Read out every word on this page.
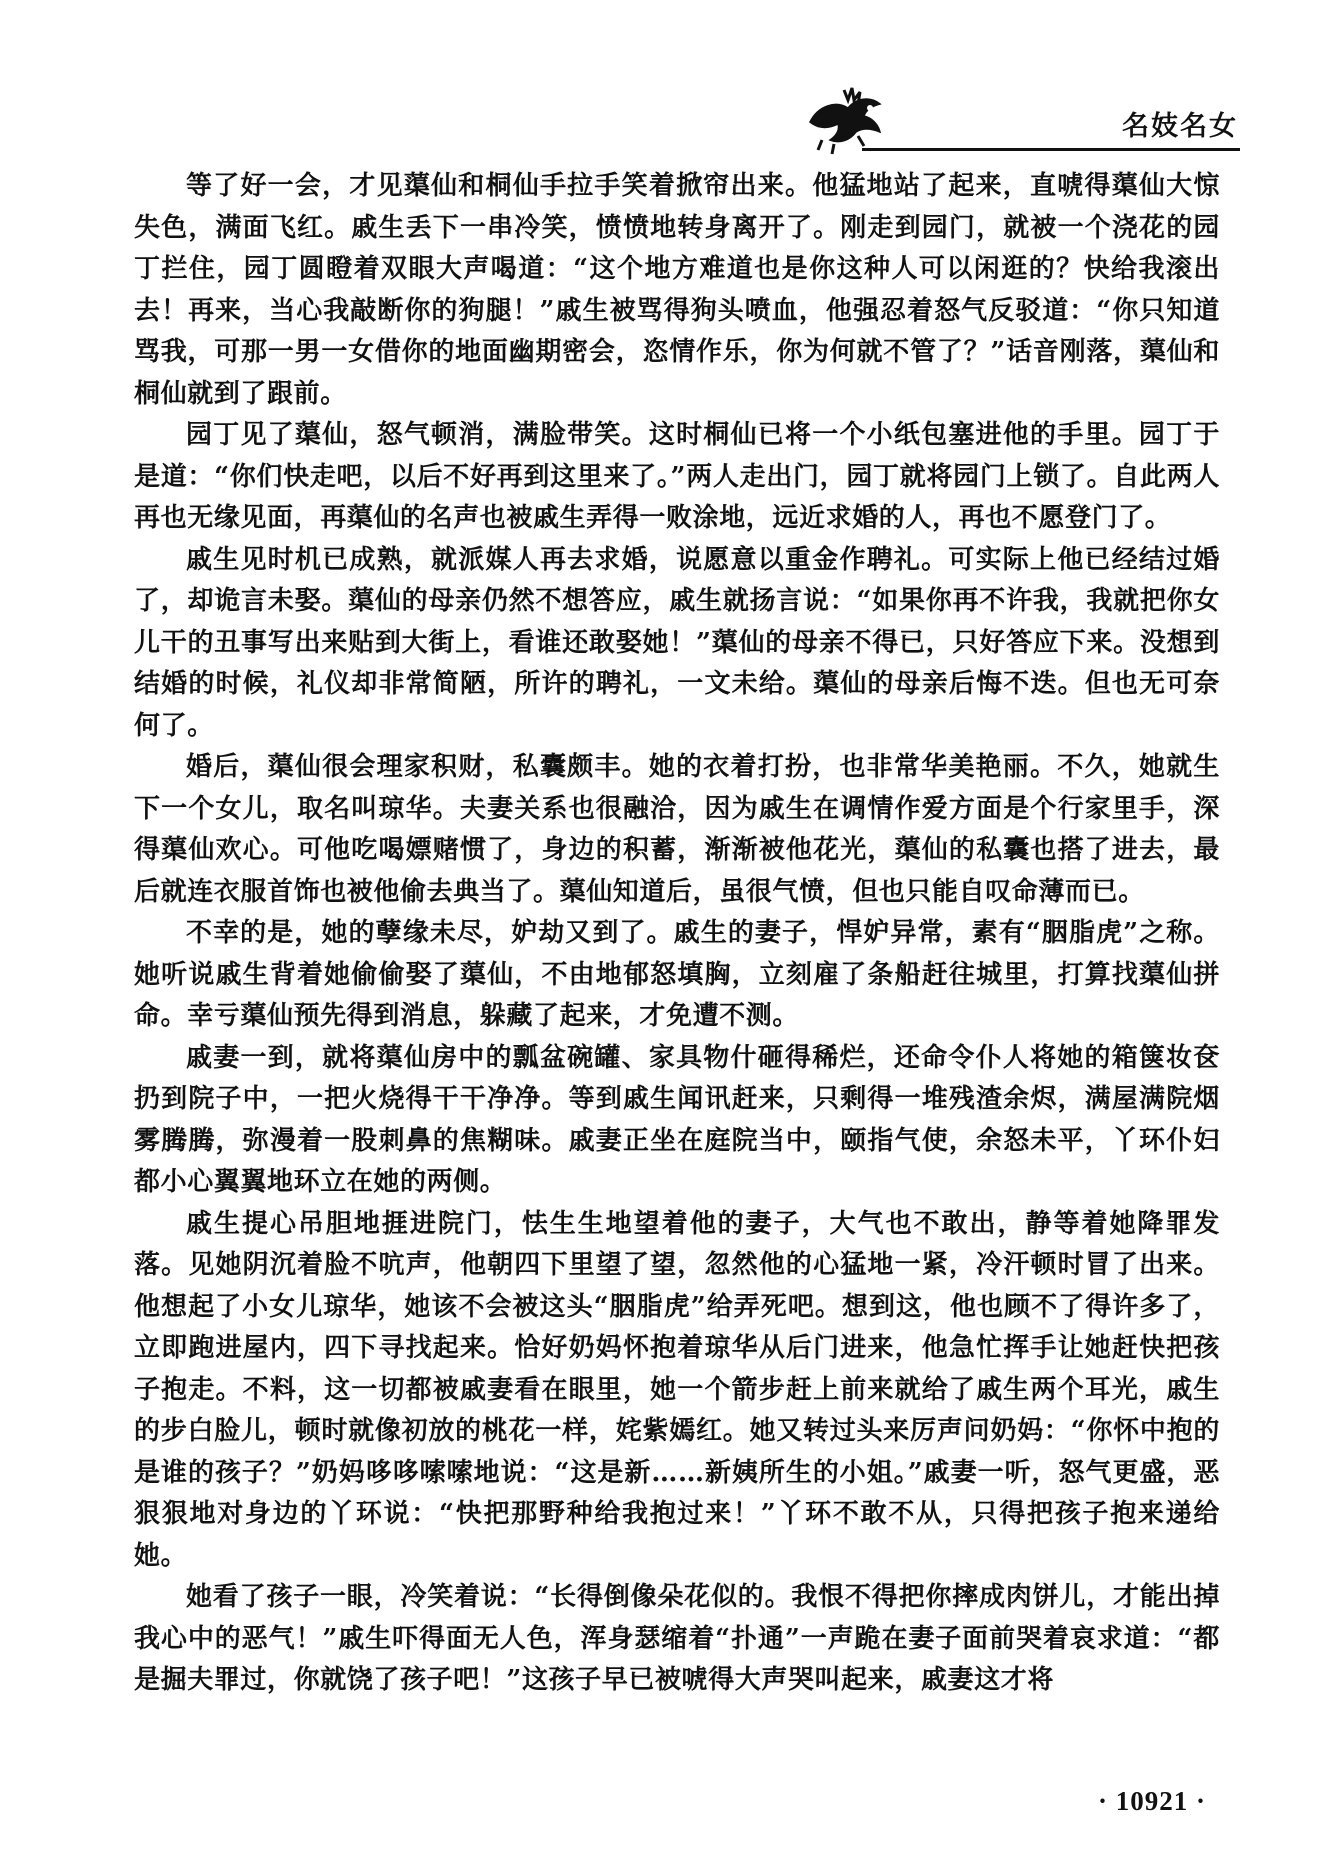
名妓名女

等了好一会，才见蕖仙和桐仙手拉手笑着掀帘出来。他猛地站了起来，直唬得蕖仙大惊失色，满面飞红。戚生丢下一串冷笑，愤愤地转身离开了。刚走到园门，就被一个浇花的园丁拦住，园丁圆瞪着双眼大声喝道：“这个地方难道也是你这种人可以闲逛的？快给我滚出去！再来，当心我敲断你的狗腿！”戚生被骂得狗头喷血，他强忍着怒气反驳道：“你只知道骂我，可那一男一女借你的地面幽期密会，恣情作乐，你为何就不管了？”话音刚落，蕖仙和桐仙就到了跟前。

园丁见了蕖仙，怒气顿消，满脸带笑。这时桐仙已将一个小纸包塞进他的手里。园丁于是道：“你们快走吧，以后不好再到这里来了。”两人走出门，园丁就将园门上锁了。自此两人再也无缘见面，再蕖仙的名声也被戚生弄得一败涂地，远近求婚的人，再也不愿登门了。

戚生见时机已成熟，就派媒人再去求婚，说愿意以重金作聘礼。可实际上他已经结过婚了，却诡言未娶。蕖仙的母亲仍然不想答应，戚生就扬言说：“如果你再不许我，我就把你女儿干的丑事写出来贴到大街上，看谁还敢娶她！”蕖仙的母亲不得已，只好答应下来。没想到结婚的时候，礼仪却非常简陋，所许的聘礼，一文未给。蕖仙的母亲后悔不迭。但也无可奈何了。

婚后，蕖仙很会理家积财，私囊颇丰。她的衣着打扮，也非常华美艳丽。不久，她就生下一个女儿，取名叫琼华。夫妻关系也很融洽，因为戚生在调情作爱方面是个行家里手，深得蕖仙欢心。可他吃喝嫖赌惯了，身边的积蓄，渐渐被他花光，蕖仙的私囊也搭了进去，最后就连衣服首饰也被他偷去典当了。蕖仙知道后，虽很气愤，但也只能自叹命薄而已。

不幸的是，她的孽缘未尽，妒劫又到了。戚生的妻子，悍妒异常，素有“胭脂虎”之称。她听说戚生背着她偷偷娶了蕖仙，不由地郁怒填胸，立刻雇了条船赶往城里，打算找蕖仙拼命。幸亏蕖仙预先得到消息，躲藏了起来，才免遭不测。

戚妻一到，就将蕖仙房中的瓢盆碗罐、家具物什砸得稀烂，还命令仆人将她的箱箧妆奁扔到院子中，一把火烧得干干净净。等到戚生闻讯赶来，只剩得一堆残渣余烬，满屋满院烟雾腾腾，弥漫着一股刺鼻的焦糊味。戚妻正坐在庭院当中，颐指气使，余怒未平，丫环仆妇都小心翼翼地环立在她的两侧。

戚生提心吊胆地捱进院门，怯生生地望着他的妻子，大气也不敢出，静等着她降罪发落。见她阴沉着脸不吭声，他朝四下里望了望，忽然他的心猛地一紧，冷汗顿时冒了出来。他想起了小女儿琼华，她该不会被这头“胭脂虎”给弄死吧。想到这，他也顾不了得许多了，立即跑进屋内，四下寻找起来。恰好奶妈怀抱着琼华从后门进来，他急忙挥手让她赶快把孩子抱走。不料，这一切都被戚妻看在眼里，她一个箭步赶上前来就给了戚生两个耳光，戚生的步白脸儿，顿时就像初放的桃花一样，姹紫嫣红。她又转过头来厉声问奶妈：“你怀中抱的是谁的孩子？”奶妈哆哆嗦嗦地说：“这是新……新姨所生的小姐。”戚妻一听，怒气更盛，恶狠狠地对身边的丫环说：“快把那野种给我抱过来！”丫环不敢不从，只得把孩子抱来递给她。

她看了孩子一眼，冷笑着说：“长得倒像朵花似的。我恨不得把你摔成肉饼儿，才能出掉我心中的恶气！”戚生吓得面无人色，浑身瑟缩着“扑通”一声跪在妻子面前哭着哀求道：“都是掘夫罪过，你就饶了孩子吧！”这孩子早已被唬得大声哭叫起来，戚妻这才将

· 10921 ·
